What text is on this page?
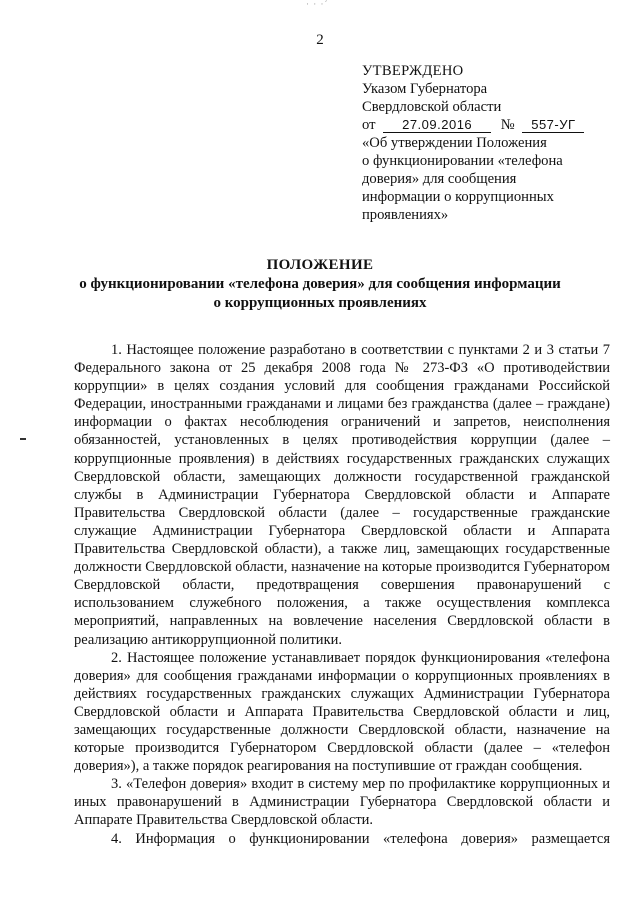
· · ·´
2
УТВЕРЖДЕНО
Указом Губернатора
Свердловской области
от 27.09.2016 № 557-УГ
«Об утверждении Положения
о функционировании «телефона
доверия» для сообщения
информации о коррупционных
проявлениях»
ПОЛОЖЕНИЕ
о функционировании «телефона доверия» для сообщения информации
о коррупционных проявлениях

1. Настоящее положение разработано в соответствии с пунктами 2 и 3 статьи 7 Федерального закона от 25 декабря 2008 года № 273-ФЗ «О противодействии коррупции» в целях создания условий для сообщения гражданами Российской Федерации, иностранными гражданами и лицами без гражданства (далее – граждане) информации о фактах несоблюдения ограничений и запретов, неисполнения обязанностей, установленных в целях противодействия коррупции (далее – коррупционные проявления) в действиях государственных гражданских служащих Свердловской области, замещающих должности государственной гражданской службы в Администрации Губернатора Свердловской области и Аппарате Правительства Свердловской области (далее – государственные гражданские служащие Администрации Губернатора Свердловской области и Аппарата Правительства Свердловской области), а также лиц, замещающих государственные должности Свердловской области, назначение на которые производится Губернатором Свердловской области, предотвращения совершения правонарушений с использованием служебного положения, а также осуществления комплекса мероприятий, направленных на вовлечение населения Свердловской области в реализацию антикоррупционной политики.

2. Настоящее положение устанавливает порядок функционирования «телефона доверия» для сообщения гражданами информации о коррупционных проявлениях в действиях государственных гражданских служащих Администрации Губернатора Свердловской области и Аппарата Правительства Свердловской области и лиц, замещающих государственные должности Свердловской области, назначение на которые производится Губернатором Свердловской области (далее – «телефон доверия»), а также порядок реагирования на поступившие от граждан сообщения.

3. «Телефон доверия» входит в систему мер по профилактике коррупционных и иных правонарушений в Администрации Губернатора Свердловской области и Аппарате Правительства Свердловской области.

4. Информация о функционировании «телефона доверия» размещается
